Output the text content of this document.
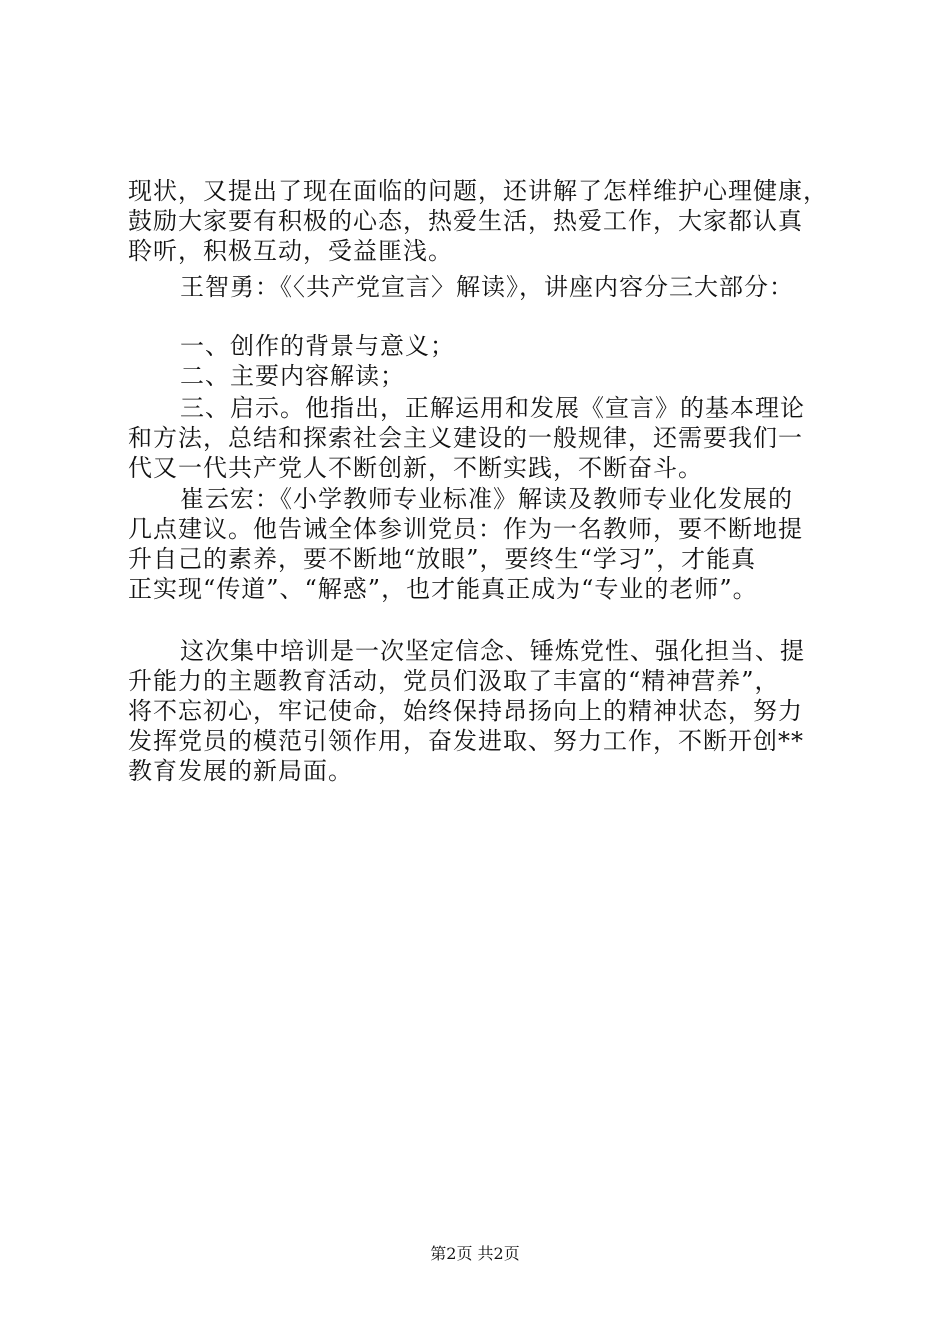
现状，又提出了现在面临的问题，还讲解了怎样维护心理健康，
鼓励大家要有积极的心态，热爱生活，热爱工作，大家都认真
聆听，积极互动，受益匪浅。
王智勇：《〈共产党宣言〉解读》，讲座内容分三大部分：
一、创作的背景与意义；
二、主要内容解读；
三、启示。他指出，正解运用和发展《宣言》的基本理论
和方法，总结和探索社会主义建设的一般规律，还需要我们一
代又一代共产党人不断创新，不断实践，不断奋斗。
崔云宏：《小学教师专业标准》解读及教师专业化发展的
几点建议。他告诫全体参训党员：作为一名教师，要不断地提
升自己的素养，要不断地“放眼”，要终生“学习”，才能真
正实现“传道”、“解惑”，也才能真正成为“专业的老师”。
这次集中培训是一次坚定信念、锤炼党性、强化担当、提
升能力的主题教育活动，党员们汲取了丰富的“精神营养”，
将不忘初心，牢记使命，始终保持昂扬向上的精神状态，努力
发挥党员的模范引领作用，奋发进取、努力工作，不断开创**
教育发展的新局面。
第2页 共2页
